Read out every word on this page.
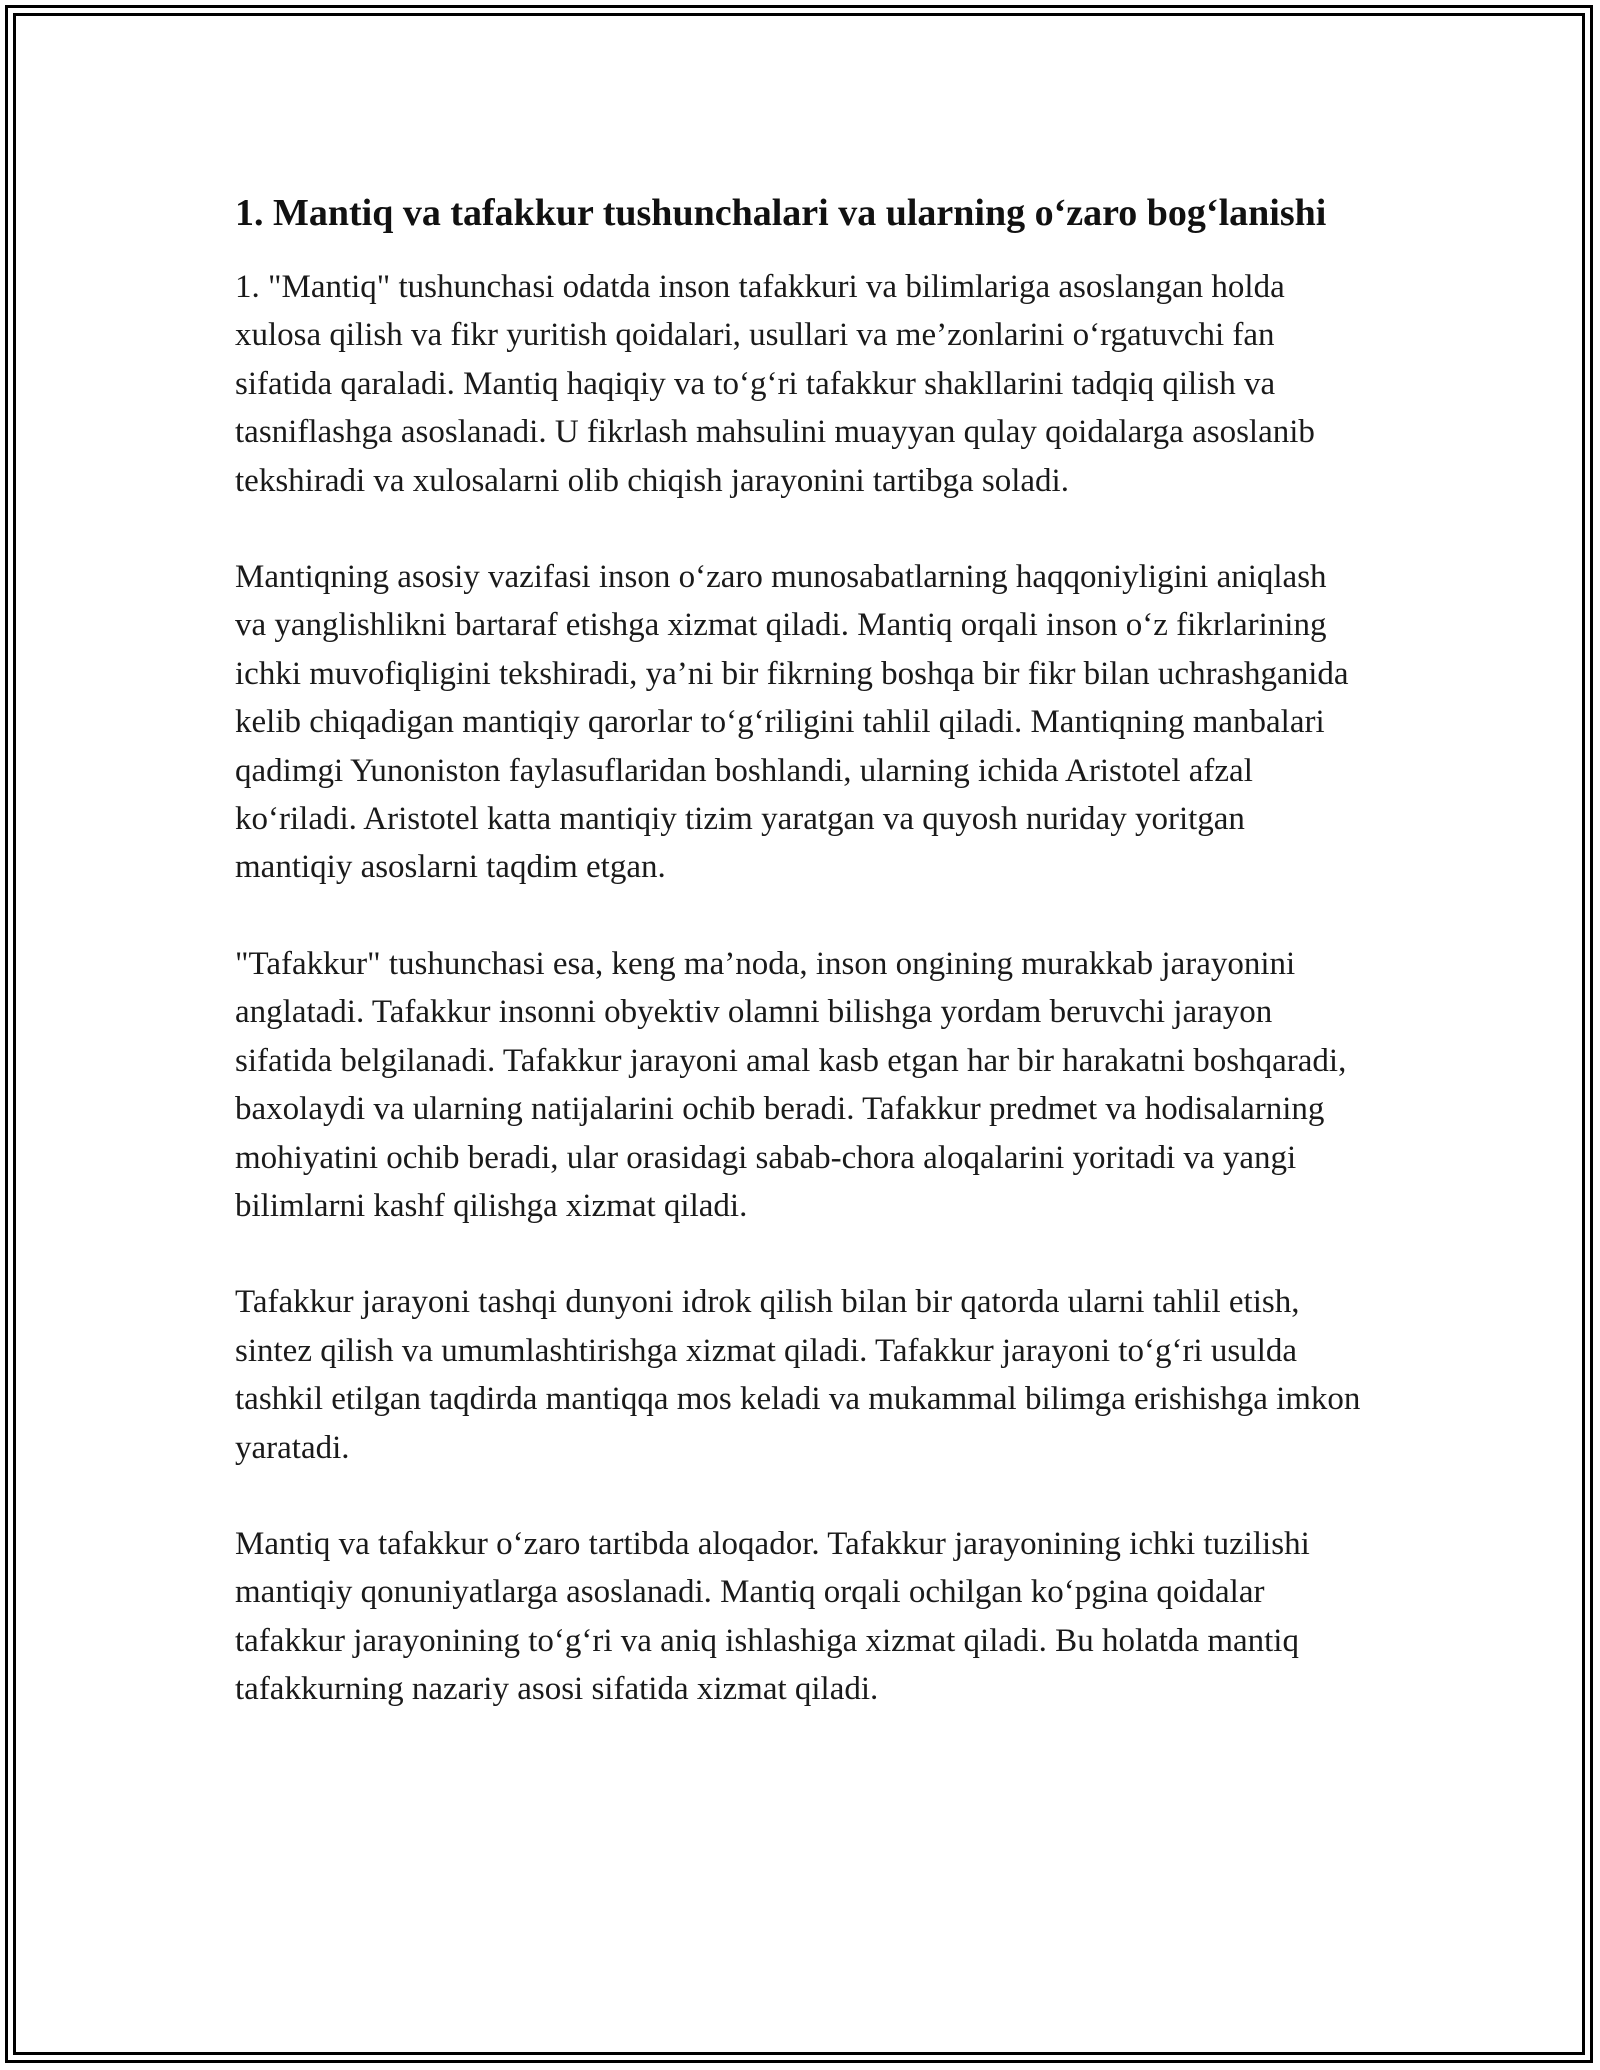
1. Mantiq va tafakkur tushunchalari va ularning o‘zaro bog‘lanishi

1. "Mantiq" tushunchasi odatda inson tafakkuri va bilimlariga asoslangan holda xulosa qilish va fikr yuritish qoidalari, usullari va me’zonlarini o‘rgatuvchi fan sifatida qaraladi. Mantiq haqiqiy va to‘g‘ri tafakkur shakllarini tadqiq qilish va tasniflashga asoslanadi. U fikrlash mahsulini muayyan qulay qoidalarga asoslanib tekshiradi va xulosalarni olib chiqish jarayonini tartibga soladi.

Mantiqning asosiy vazifasi inson o‘zaro munosabatlarning haqqoniyligini aniqlash va yanglishlikni bartaraf etishga xizmat qiladi. Mantiq orqali inson o‘z fikrlarining ichki muvofiqligini tekshiradi, ya’ni bir fikrning boshqa bir fikr bilan uchrashganida kelib chiqadigan mantiqiy qarorlar to‘g‘riligini tahlil qiladi. Mantiqning manbalari qadimgi Yunoniston faylasuflaridan boshlandi, ularning ichida Aristotel afzal ko‘riladi. Aristotel katta mantiqiy tizim yaratgan va quyosh nuriday yoritgan mantiqiy asoslarni taqdim etgan.

"Tafakkur" tushunchasi esa, keng ma’noda, inson ongining murakkab jarayonini anglatadi. Tafakkur insonni obyektiv olamni bilishga yordam beruvchi jarayon sifatida belgilanadi. Tafakkur jarayoni amal kasb etgan har bir harakatni boshqaradi, baxolaydi va ularning natijalarini ochib beradi. Tafakkur predmet va hodisalarning mohiyatini ochib beradi, ular orasidagi sabab-chora aloqalarini yoritadi va yangi bilimlarni kashf qilishga xizmat qiladi.

Tafakkur jarayoni tashqi dunyoni idrok qilish bilan bir qatorda ularni tahlil etish, sintez qilish va umumlashtirishga xizmat qiladi. Tafakkur jarayoni to‘g‘ri usulda tashkil etilgan taqdirda mantiqqa mos keladi va mukammal bilimga erishishga imkon yaratadi.

Mantiq va tafakkur o‘zaro tartibda aloqador. Tafakkur jarayonining ichki tuzilishi mantiqiy qonuniyatlarga asoslanadi. Mantiq orqali ochilgan ko‘pgina qoidalar tafakkur jarayonining to‘g‘ri va aniq ishlashiga xizmat qiladi. Bu holatda mantiq tafakkurning nazariy asosi sifatida xizmat qiladi.
